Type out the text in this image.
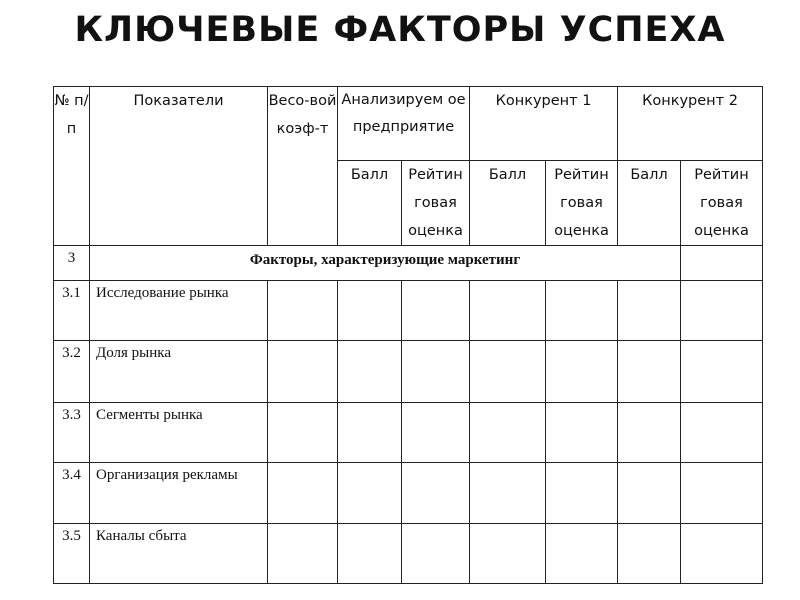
КЛЮЧЕВЫЕ ФАКТОРЫ УСПЕХА
№ п/п	Показатели	Весо-вой коэф-т	Анализируем ое предприятие		Конкурент 1		Конкурент 2	
			Балл	Рейтин говая оценка	Балл	Рейтин говая оценка	Балл	Рейтин говая оценка
3	Факторы, характеризующие маркетинг							
3.1	Исследование рынка							
3.2	Доля рынка							
3.3	Сегменты рынка							
3.4	Организация рекламы							
3.5	Каналы сбыта							
